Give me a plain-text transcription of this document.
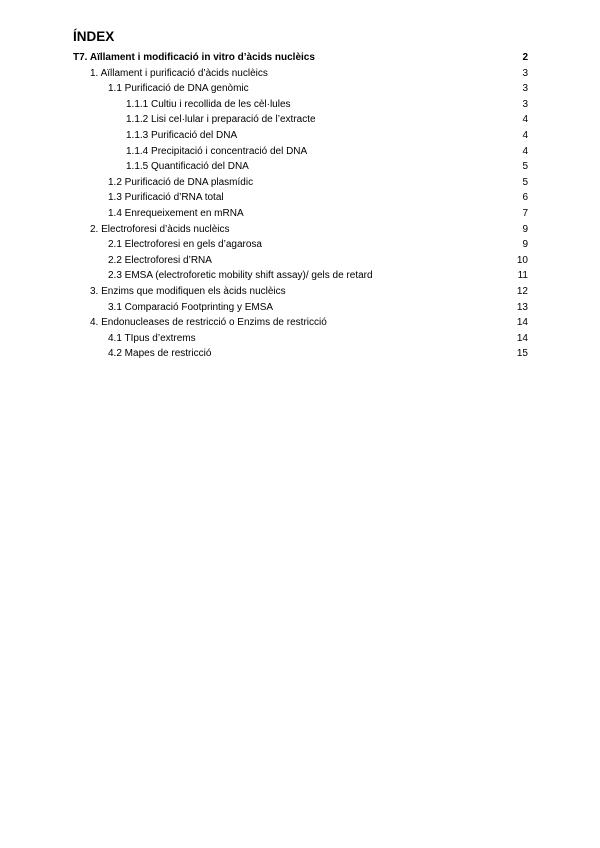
ÍNDEX
T7. Aïllament i modificació in vitro d’àcids nuclèics	2
1. Aïllament i purificació d’àcids nuclèics	3
1.1 Purificació de DNA genòmic	3
1.1.1 Cultiu i recollida de les cèl·lules	3
1.1.2 Lisi cel·lular i preparació de l’extracte	4
1.1.3 Purificació del DNA	4
1.1.4 Precipitació i concentració del DNA	4
1.1.5 Quantificació del DNA	5
1.2 Purificació de DNA plasmídic	5
1.3 Purificació d’RNA total	6
1.4 Enrequeixement en mRNA	7
2. Electroforesi d’àcids nuclèics	9
2.1 Electroforesi en gels d’agarosa	9
2.2 Electroforesi d’RNA	10
2.3 EMSA (electroforetic mobility shift assay)/ gels de retard	11
3. Enzims que modifiquen els àcids nuclèics	12
3.1 Comparació Footprinting y EMSA	13
4. Endonucleases de restricció o Enzims de restricció	14
4.1 TIpus d’extrems	14
4.2 Mapes de restricció	15
